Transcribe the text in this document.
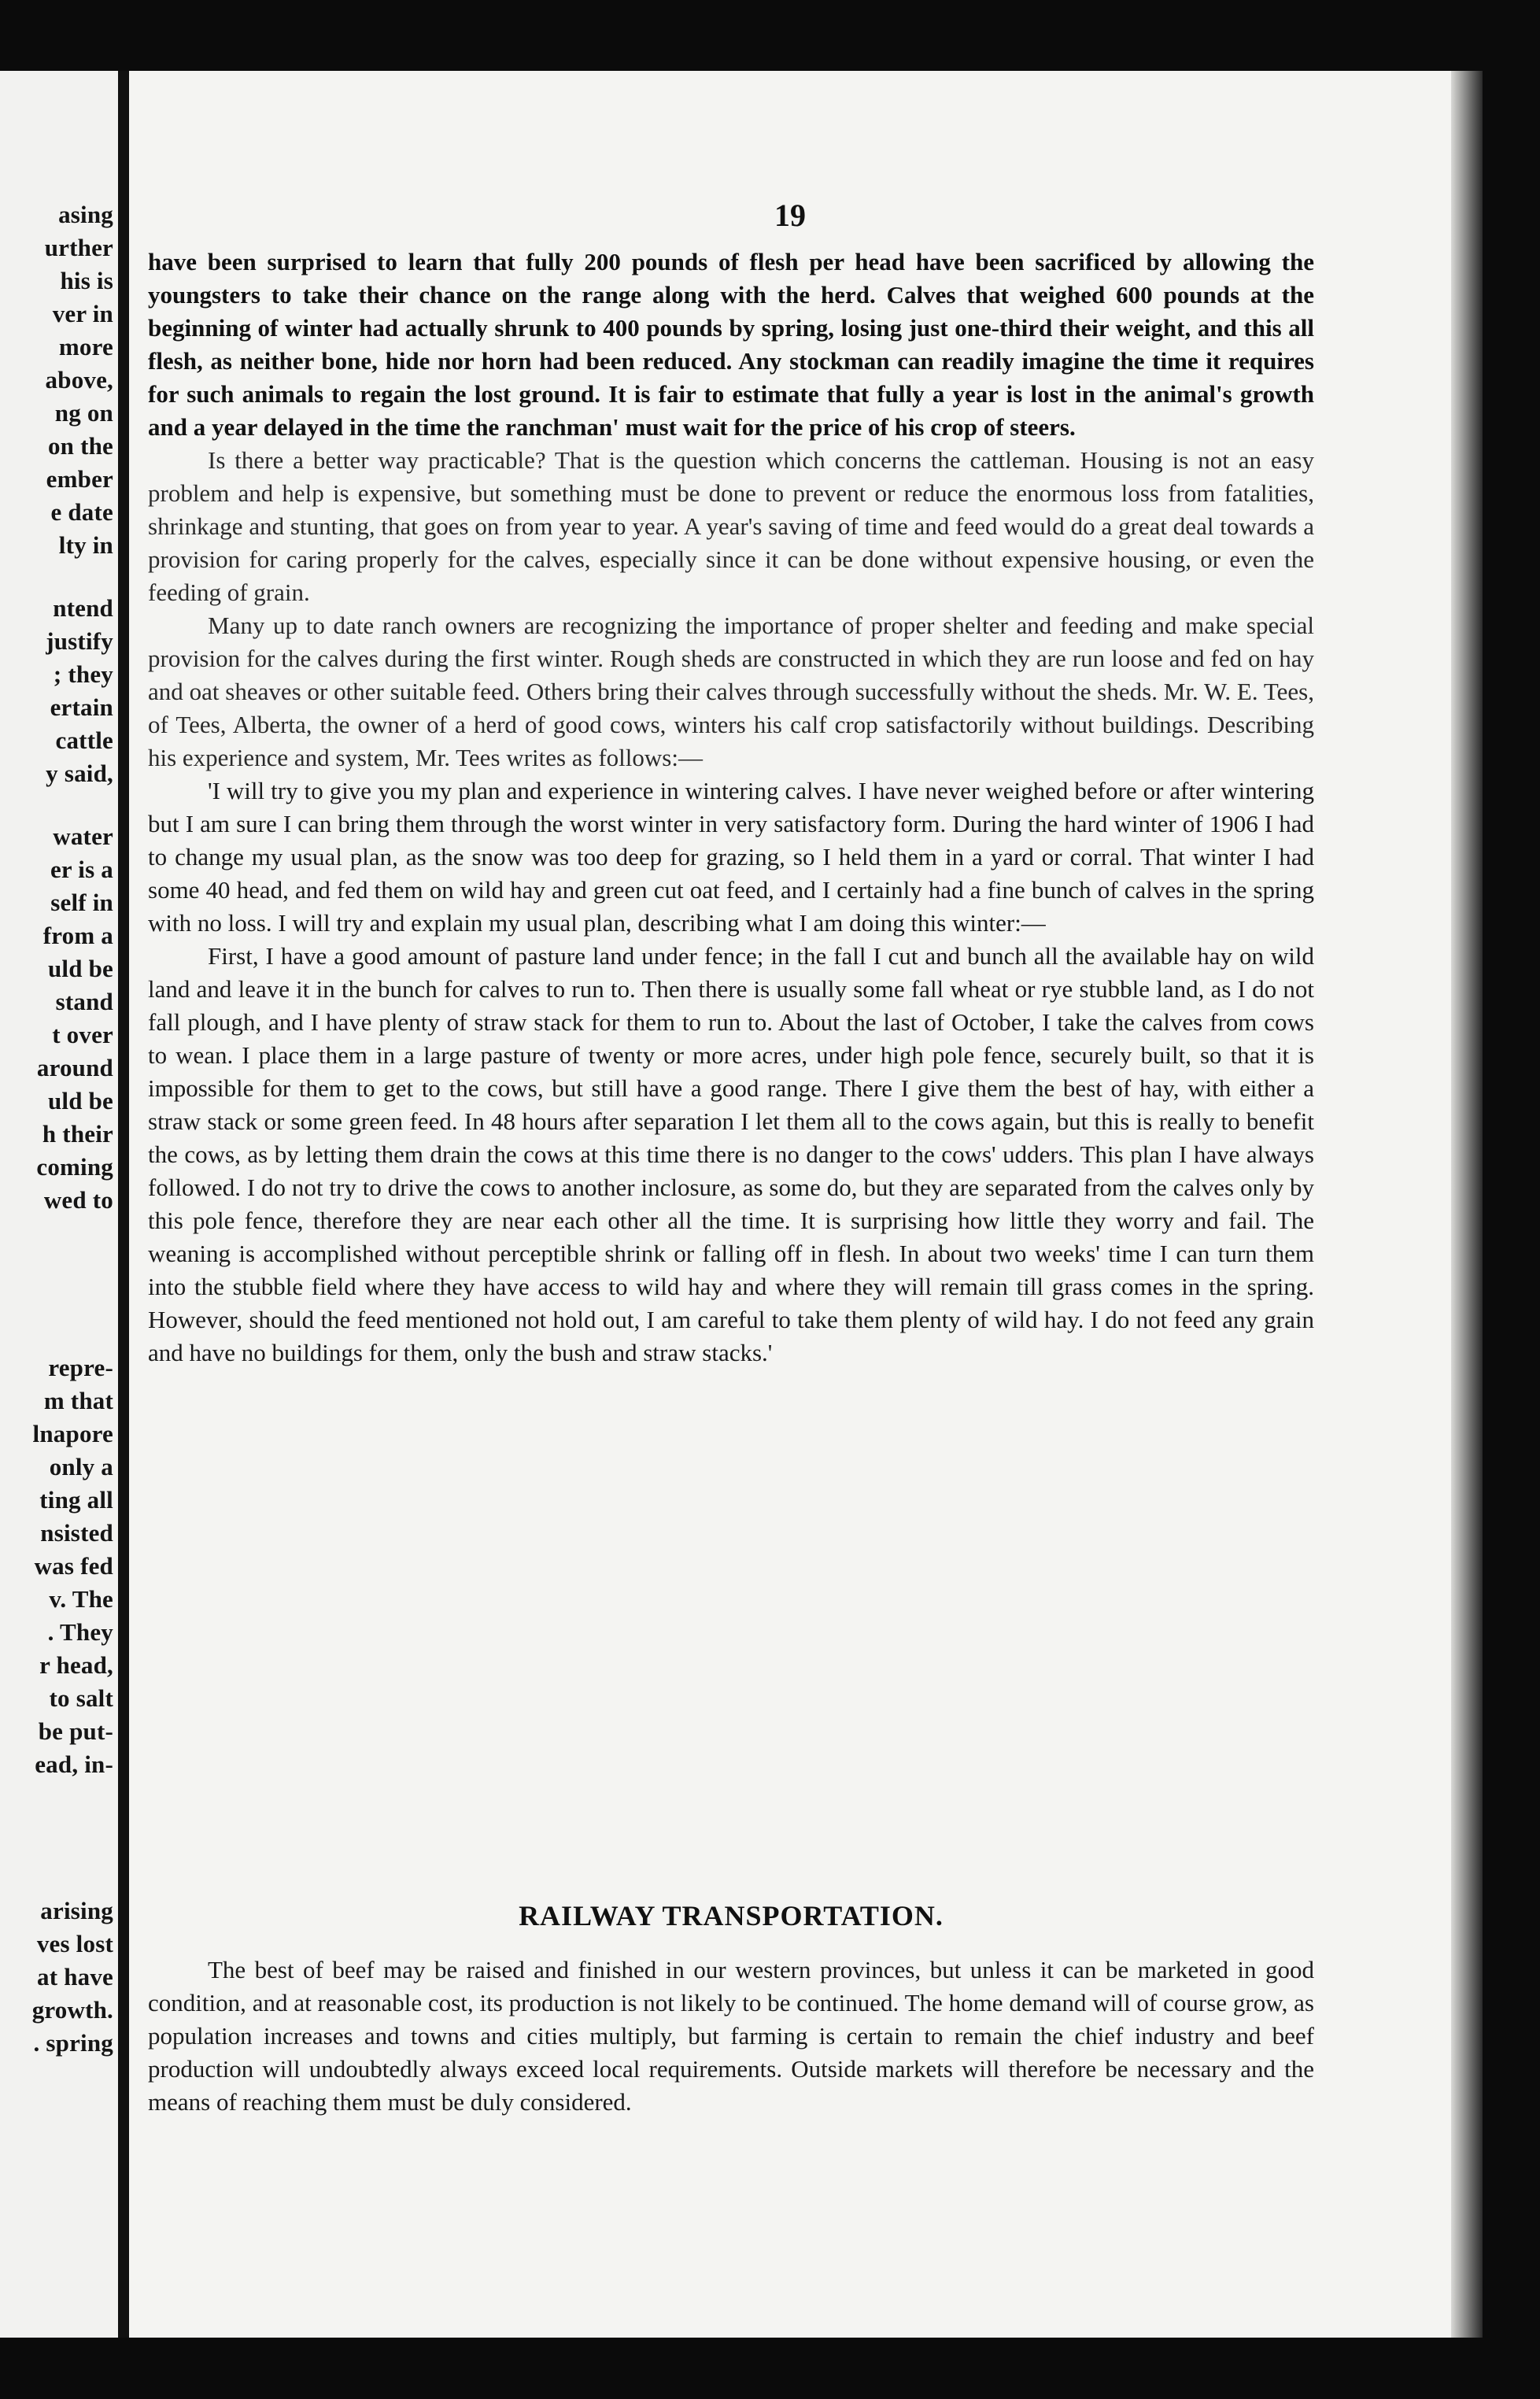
asing
urther
his is
ver in
more
above,
ng on
on the
ember
e date
lty in
ntend
justify
; they
ertain
cattle
y said,
water
er is a
self in
from a
uld be
stand
t over
around
uld be
h their
coming
wed to
repre-
m that
lnapore
only a
ting all
nsisted
was fed
v. The
. They
r head,
to salt
be put-
ead, in-
arising
ves lost
at have
growth.
. spring
19

have been surprised to learn that fully 200 pounds of flesh per head have been sacrificed by allowing the youngsters to take their chance on the range along with the herd. Calves that weighed 600 pounds at the beginning of winter had actually shrunk to 400 pounds by spring, losing just one-third their weight, and this all flesh, as neither bone, hide nor horn had been reduced. Any stockman can readily imagine the time it requires for such animals to regain the lost ground. It is fair to estimate that fully a year is lost in the animal's growth and a year delayed in the time the ranchman' must wait for the price of his crop of steers.

Is there a better way practicable? That is the question which concerns the cattleman. Housing is not an easy problem and help is expensive, but something must be done to prevent or reduce the enormous loss from fatalities, shrinkage and stunting, that goes on from year to year. A year's saving of time and feed would do a great deal towards a provision for caring properly for the calves, especially since it can be done without expensive housing, or even the feeding of grain.

Many up to date ranch owners are recognizing the importance of proper shelter and feeding and make special provision for the calves during the first winter. Rough sheds are constructed in which they are run loose and fed on hay and oat sheaves or other suitable feed. Others bring their calves through successfully without the sheds. Mr. W. E. Tees, of Tees, Alberta, the owner of a herd of good cows, winters his calf crop satisfactorily without buildings. Describing his experience and system, Mr. Tees writes as follows:—

'I will try to give you my plan and experience in wintering calves. I have never weighed before or after wintering but I am sure I can bring them through the worst winter in very satisfactory form. During the hard winter of 1906 I had to change my usual plan, as the snow was too deep for grazing, so I held them in a yard or corral. That winter I had some 40 head, and fed them on wild hay and green cut oat feed, and I certainly had a fine bunch of calves in the spring with no loss. I will try and explain my usual plan, describing what I am doing this winter:—

First, I have a good amount of pasture land under fence; in the fall I cut and bunch all the available hay on wild land and leave it in the bunch for calves to run to. Then there is usually some fall wheat or rye stubble land, as I do not fall plough, and I have plenty of straw stack for them to run to. About the last of October, I take the calves from cows to wean. I place them in a large pasture of twenty or more acres, under high pole fence, securely built, so that it is impossible for them to get to the cows, but still have a good range. There I give them the best of hay, with either a straw stack or some green feed. In 48 hours after separation I let them all to the cows again, but this is really to benefit the cows, as by letting them drain the cows at this time there is no danger to the cows' udders. This plan I have always followed. I do not try to drive the cows to another inclosure, as some do, but they are separated from the calves only by this pole fence, therefore they are near each other all the time. It is surprising how little they worry and fail. The weaning is accomplished without perceptible shrink or falling off in flesh. In about two weeks' time I can turn them into the stubble field where they have access to wild hay and where they will remain till grass comes in the spring. However, should the feed mentioned not hold out, I am careful to take them plenty of wild hay. I do not feed any grain and have no buildings for them, only the bush and straw stacks.'

RAILWAY TRANSPORTATION.

The best of beef may be raised and finished in our western provinces, but unless it can be marketed in good condition, and at reasonable cost, its production is not likely to be continued. The home demand will of course grow, as population increases and towns and cities multiply, but farming is certain to remain the chief industry and beef production will undoubtedly always exceed local requirements. Outside markets will therefore be necessary and the means of reaching them must be duly considered.
